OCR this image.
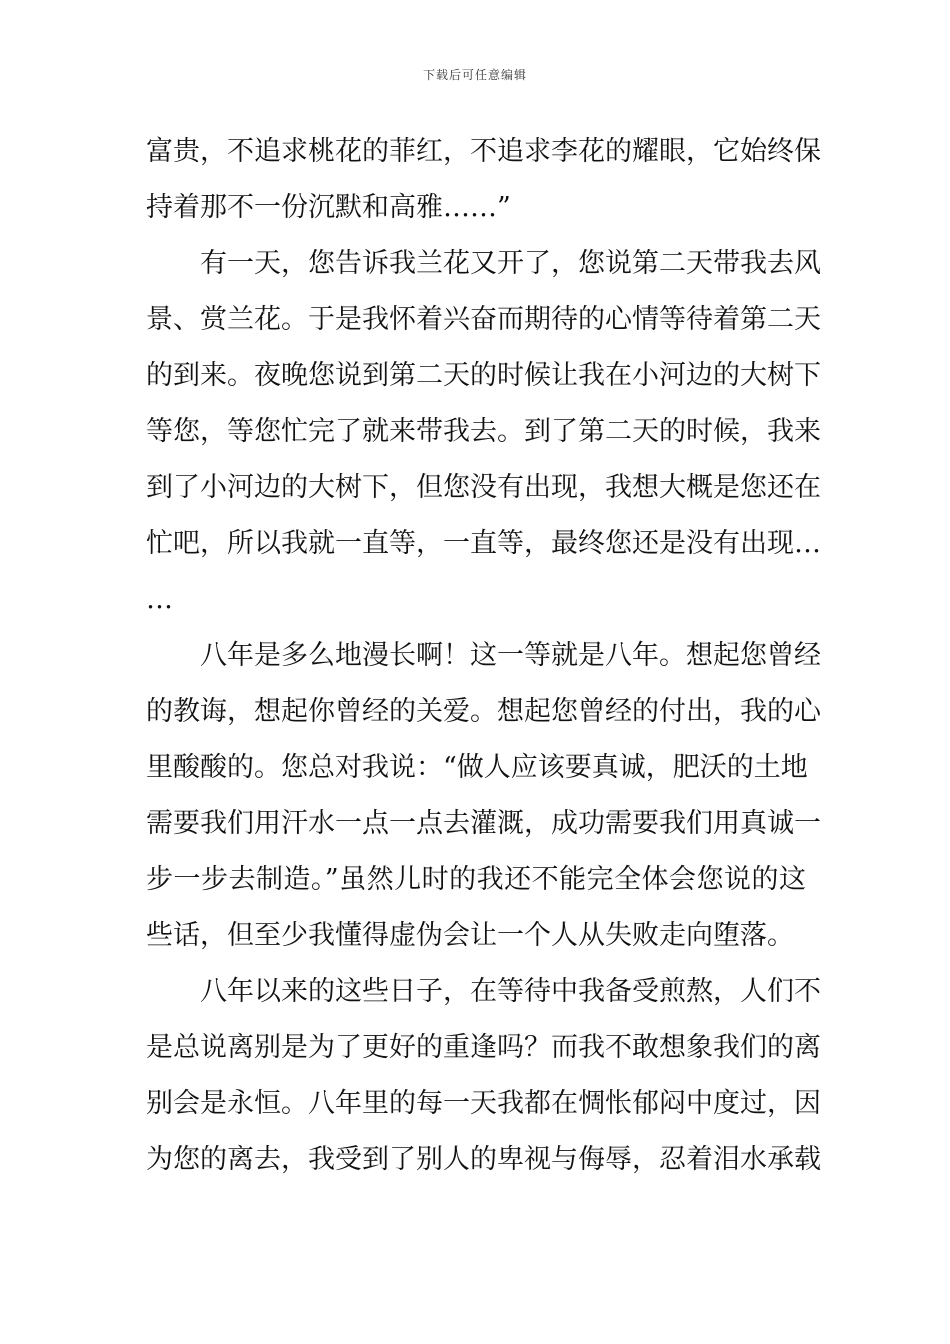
下载后可任意编辑
富贵，不追求桃花的菲红，不追求李花的耀眼，它始终保
持着那不一份沉默和高雅……”
有一天，您告诉我兰花又开了，您说第二天带我去风
景、赏兰花。于是我怀着兴奋而期待的心情等待着第二天
的到来。夜晚您说到第二天的时候让我在小河边的大树下
等您，等您忙完了就来带我去。到了第二天的时候，我来
到了小河边的大树下，但您没有出现，我想大概是您还在
忙吧，所以我就一直等，一直等，最终您还是没有出现…
…
八年是多么地漫长啊！这一等就是八年。想起您曾经
的教诲，想起你曾经的关爱。想起您曾经的付出，我的心
里酸酸的。您总对我说：“做人应该要真诚，肥沃的土地
需要我们用汗水一点一点去灌溉，成功需要我们用真诚一
步一步去制造。”虽然儿时的我还不能完全体会您说的这
些话，但至少我懂得虚伪会让一个人从失败走向堕落。
八年以来的这些日子，在等待中我备受煎熬，人们不
是总说离别是为了更好的重逢吗？而我不敢想象我们的离
别会是永恒。八年里的每一天我都在惆怅郁闷中度过，因
为您的离去，我受到了别人的卑视与侮辱，忍着泪水承载
